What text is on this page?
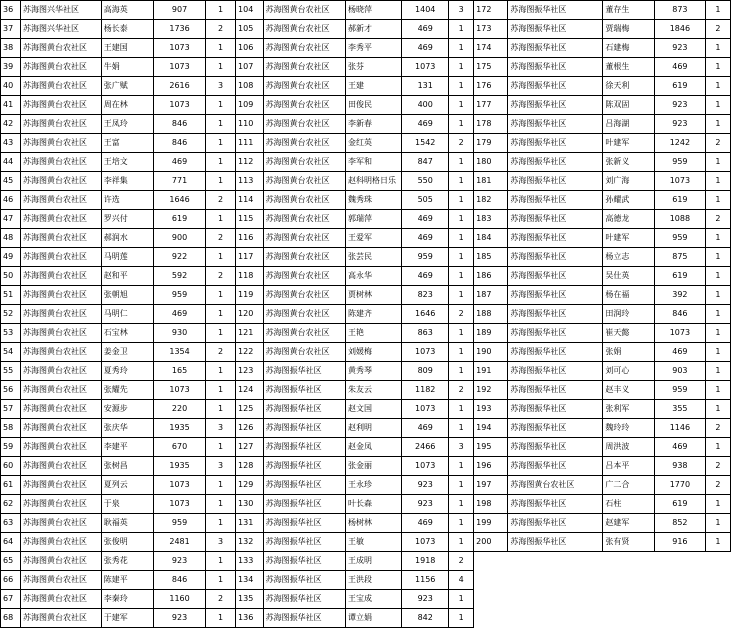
36	苏海图兴华社区	高海英	907	1	104	苏海图黄台农社区	杨晓萍	1404	3	172	苏海图振华社区	董存生	873	1
37	苏海图兴华社区	杨长泰	1736	2	105	苏海图黄台农社区	郝新才	469	1	173	苏海图振华社区	贾瑞梅	1846	2
38	苏海图黄台农社区	王建国	1073	1	106	苏海图黄台农社区	李秀平	469	1	174	苏海图振华社区	石建梅	923	1
39	苏海图黄台农社区	牛娟	1073	1	107	苏海图黄台农社区	张芬	1073	1	175	苏海图振华社区	董根生	469	1
40	苏海图黄台农社区	张广赋	2616	3	108	苏海图黄台农社区	王建	131	1	176	苏海图振华社区	徐天利	619	1
41	苏海图黄台农社区	周在林	1073	1	109	苏海图黄台农社区	田俊民	400	1	177	苏海图振华社区	陈双固	923	1
42	苏海图黄台农社区	王凤玲	846	1	110	苏海图黄台农社区	李新春	469	1	178	苏海图振华社区	吕海湖	923	1
43	苏海图黄台农社区	王富	846	1	111	苏海图黄台农社区	金红英	1542	2	179	苏海图振华社区	叶建军	1242	2
44	苏海图黄台农社区	王培文	469	1	112	苏海图黄台农社区	李军和	847	1	180	苏海图振华社区	张新义	959	1
45	苏海图黄台农社区	李祥集	771	1	113	苏海图黄台农社区	赵科明格日乐	550	1	181	苏海图振华社区	刘广海	1073	1
46	苏海图黄台农社区	许选	1646	2	114	苏海图黄台农社区	魏秀珠	505	1	182	苏海图振华社区	孙耀武	619	1
47	苏海图黄台农社区	罗兴付	619	1	115	苏海图黄台农社区	郭瑞萍	469	1	183	苏海图振华社区	高德龙	1088	2
48	苏海图黄台农社区	郝润水	900	2	116	苏海图黄台农社区	王爱军	469	1	184	苏海图振华社区	叶建军	959	1
49	苏海图黄台农社区	马明莲	922	1	117	苏海图黄台农社区	张芸民	959	1	185	苏海图振华社区	杨立志	875	1
50	苏海图黄台农社区	赵和平	592	2	118	苏海图黄台农社区	高永华	469	1	186	苏海图振华社区	吴仕英	619	1
51	苏海图黄台农社区	张朝旭	959	1	119	苏海图黄台农社区	贾树林	823	1	187	苏海图振华社区	杨在福	392	1
52	苏海图黄台农社区	马明仁	469	1	120	苏海图黄台农社区	陈建齐	1646	2	188	苏海图振华社区	田润玲	846	1
53	苏海图黄台农社区	石宝林	930	1	121	苏海图黄台农社区	王艳	863	1	189	苏海图振华社区	崔天懿	1073	1
54	苏海图黄台农社区	姜金卫	1354	2	122	苏海图黄台农社区	刘媛梅	1073	1	190	苏海图振华社区	张娟	469	1
55	苏海图黄台农社区	夏秀玲	165	1	123	苏海图振华社区	黄秀琴	809	1	191	苏海图振华社区	刘可心	903	1
56	苏海图黄台农社区	张耀先	1073	1	124	苏海图振华社区	朱友云	1182	2	192	苏海图振华社区	赵丰义	959	1
57	苏海图黄台农社区	安源步	220	1	125	苏海图振华社区	赵文国	1073	1	193	苏海图振华社区	张利军	355	1
58	苏海图黄台农社区	张庆华	1935	3	126	苏海图振华社区	赵利明	469	1	194	苏海图振华社区	魏玲玲	1146	2
59	苏海图黄台农社区	李建平	670	1	127	苏海图振华社区	赵金凤	2466	3	195	苏海图振华社区	周洪波	469	1
60	苏海图黄台农社区	张树昌	1935	3	128	苏海图振华社区	张金丽	1073	1	196	苏海图振华社区	吕本平	938	2
61	苏海图黄台农社区	夏列云	1073	1	129	苏海图振华社区	王永珍	923	1	197	苏海图黄台农社区	广二合	1770	2
62	苏海图黄台农社区	于泉	1073	1	130	苏海图振华社区	叶长森	923	1	198	苏海图振华社区	石柱	619	1
63	苏海图黄台农社区	耿福英	959	1	131	苏海图振华社区	杨树林	469	1	199	苏海图振华社区	赵建军	852	1
64	苏海图黄台农社区	张俊明	2481	3	132	苏海图振华社区	王敏	1073	1	200	苏海图振华社区	张有贤	916	1
65	苏海图黄台农社区	张秀花	923	1	133	苏海图振华社区	王成明	1918	2					
66	苏海图黄台农社区	陈建平	846	1	134	苏海图振华社区	王洪段	1156	4					
67	苏海图黄台农社区	李秦玲	1160	2	135	苏海图振华社区	王宝成	923	1					
68	苏海图黄台农社区	于建军	923	1	136	苏海图振华社区	谭立娟	842	1					
